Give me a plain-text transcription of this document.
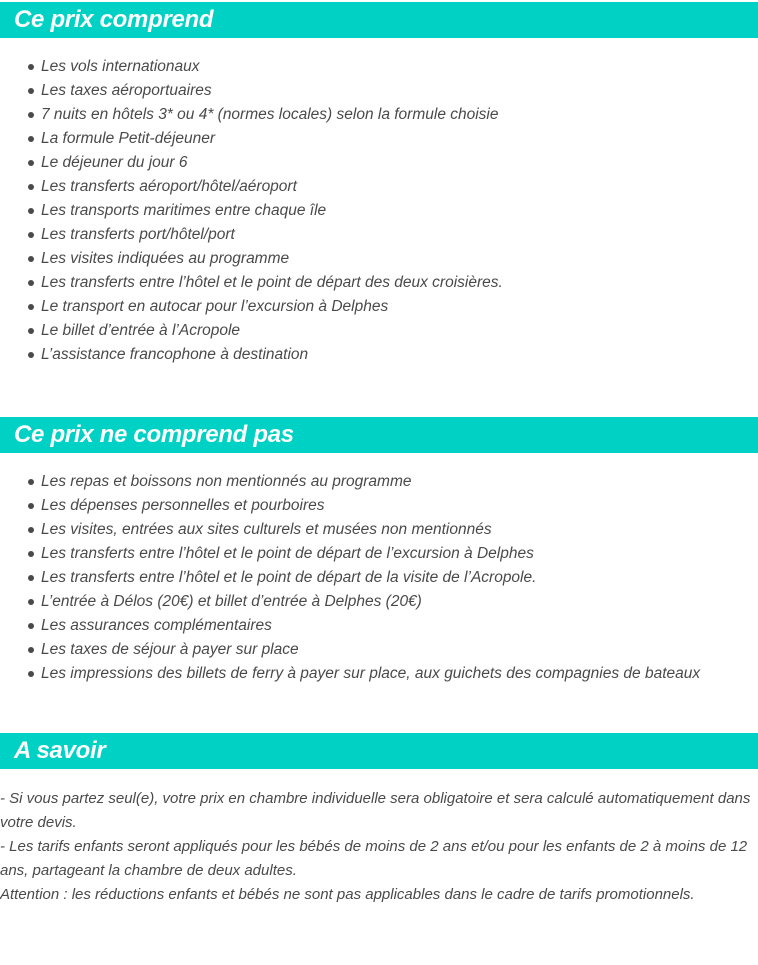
Ce prix comprend
Les vols internationaux
Les taxes aéroportuaires
7 nuits en hôtels 3* ou 4* (normes locales) selon la formule choisie
La formule Petit-déjeuner
Le déjeuner du jour 6
Les transferts aéroport/hôtel/aéroport
Les transports maritimes entre chaque île
Les transferts port/hôtel/port
Les visites indiquées au programme
Les transferts entre l’hôtel et le point de départ des deux croisières.
Le transport en autocar pour l’excursion à Delphes
Le billet d’entrée à l’Acropole
L’assistance francophone à destination
Ce prix ne comprend pas
Les repas et boissons non mentionnés au programme
Les dépenses personnelles et pourboires
Les visites, entrées aux sites culturels et musées non mentionnés
Les transferts entre l’hôtel et le point de départ de l’excursion à Delphes
Les transferts entre l’hôtel et le point de départ de la visite de l’Acropole.
L’entrée à Délos (20€) et billet d’entrée à Delphes (20€)
Les assurances complémentaires
Les taxes de séjour à payer sur place
Les impressions des billets de ferry à payer sur place, aux guichets des compagnies de bateaux
A savoir

- Si vous partez seul(e), votre prix en chambre individuelle sera obligatoire et sera calculé automatiquement dans votre devis.

- Les tarifs enfants seront appliqués pour les bébés de moins de 2 ans et/ou pour les enfants de 2 à moins de 12 ans, partageant la chambre de deux adultes.

Attention : les réductions enfants et bébés ne sont pas applicables dans le cadre de tarifs promotionnels.
